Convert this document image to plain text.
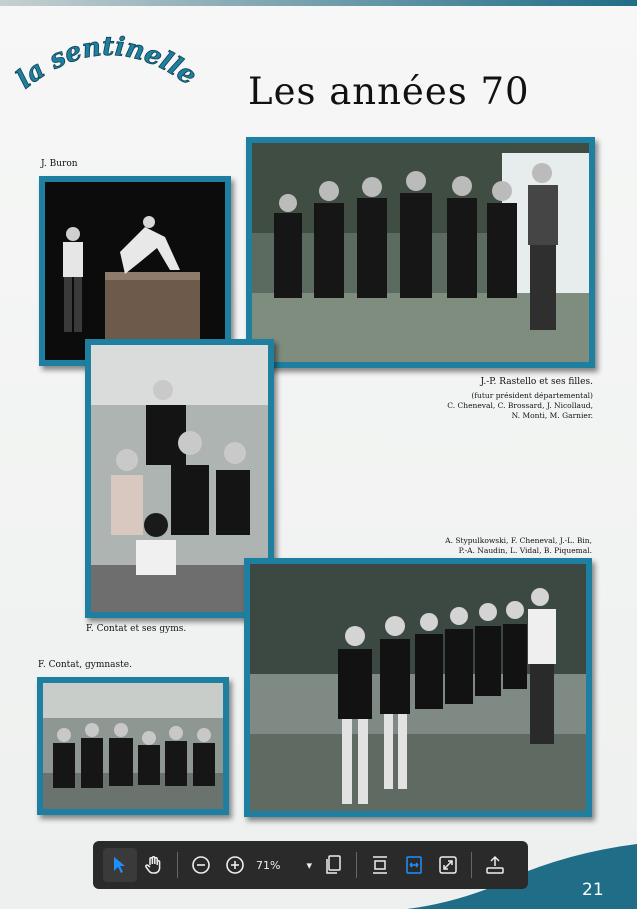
a sentinelle Les années 70
J. Buron
J.-P. Rastello et ses filles.
(futur président départemental)
C. Cheneval, C. Brossard, J. Nicollaud,
N. Monti, M. Garnier.
F. Contat et ses gyms.
A. Stypulkowski, F. Cheneval, J.-L. Bin,
P.-A. Naudin, L. Vidal, B. Piquemal.
F. Contat, gymnaste.
21
71% ▾
